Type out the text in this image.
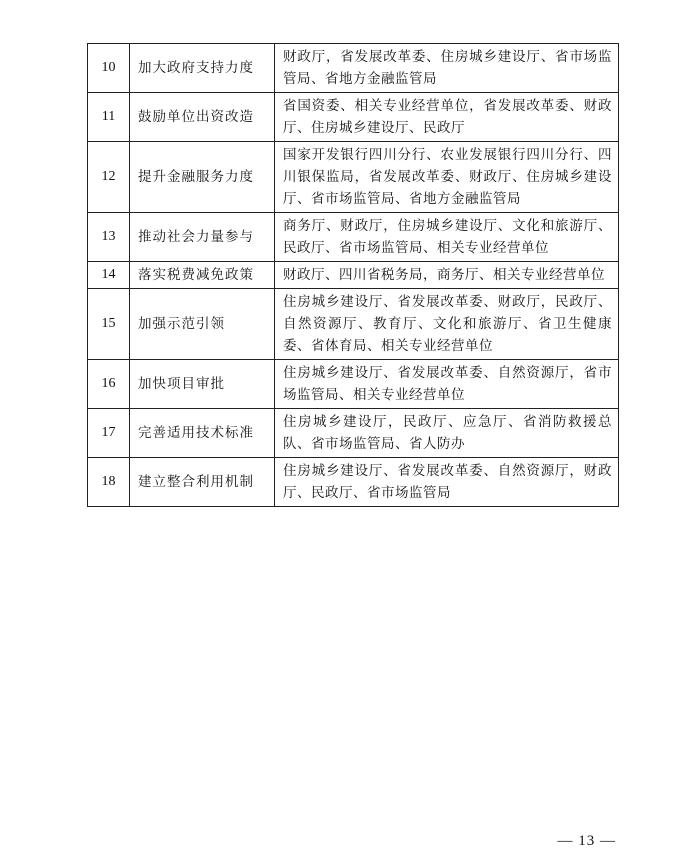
10	加大政府支持力度	财政厅，省发展改革委、住房城乡建设厅、省市场监管局、省地方金融监管局
11	鼓励单位出资改造	省国资委、相关专业经营单位，省发展改革委、财政厅、住房城乡建设厅、民政厅
12	提升金融服务力度	国家开发银行四川分行、农业发展银行四川分行、四川银保监局，省发展改革委、财政厅、住房城乡建设厅、省市场监管局、省地方金融监管局
13	推动社会力量参与	商务厅、财政厅，住房城乡建设厅、文化和旅游厅、民政厅、省市场监管局、相关专业经营单位
14	落实税费减免政策	财政厅、四川省税务局，商务厅、相关专业经营单位
15	加强示范引领	住房城乡建设厅、省发展改革委、财政厅，民政厅、自然资源厅、教育厅、文化和旅游厅、省卫生健康委、省体育局、相关专业经营单位
16	加快项目审批	住房城乡建设厅、省发展改革委、自然资源厅，省市场监管局、相关专业经营单位
17	完善适用技术标准	住房城乡建设厅，民政厅、应急厅、省消防救援总队、省市场监管局、省人防办
18	建立整合利用机制	住房城乡建设厅、省发展改革委、自然资源厅，财政厅、民政厅、省市场监管局
— 13 —
